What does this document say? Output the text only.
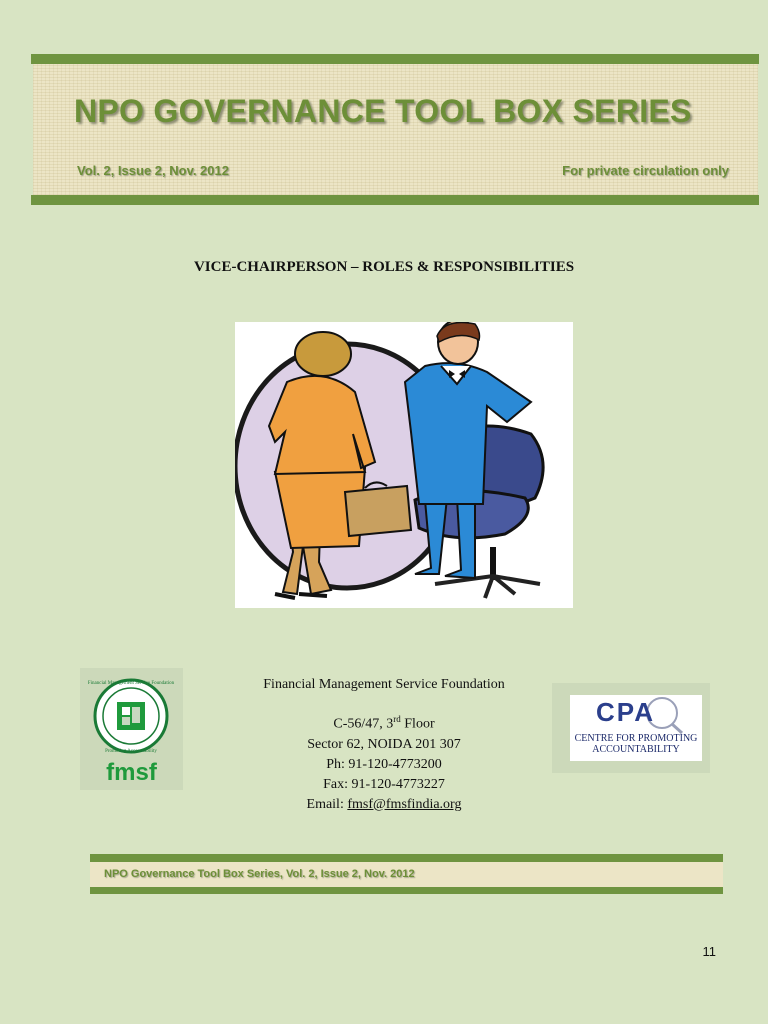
NPO GOVERNANCE TOOL BOX SERIES
Vol. 2, Issue 2, Nov. 2012	For private circulation only
VICE-CHAIRPERSON – ROLES & RESPONSIBILITIES
Financial Management Service Foundation
Promoting Accountability
fmsf
Financial Management Service Foundation
C-56/47, 3rd Floor
Sector 62, NOIDA 201 307
Ph: 91-120-4773200
Fax: 91-120-4773227
Email: fmsf@fmsfindia.org
CPA
CENTRE FOR PROMOTING
ACCOUNTABILITY
NPO Governance Tool Box Series, Vol. 2, Issue 2, Nov. 2012
11
